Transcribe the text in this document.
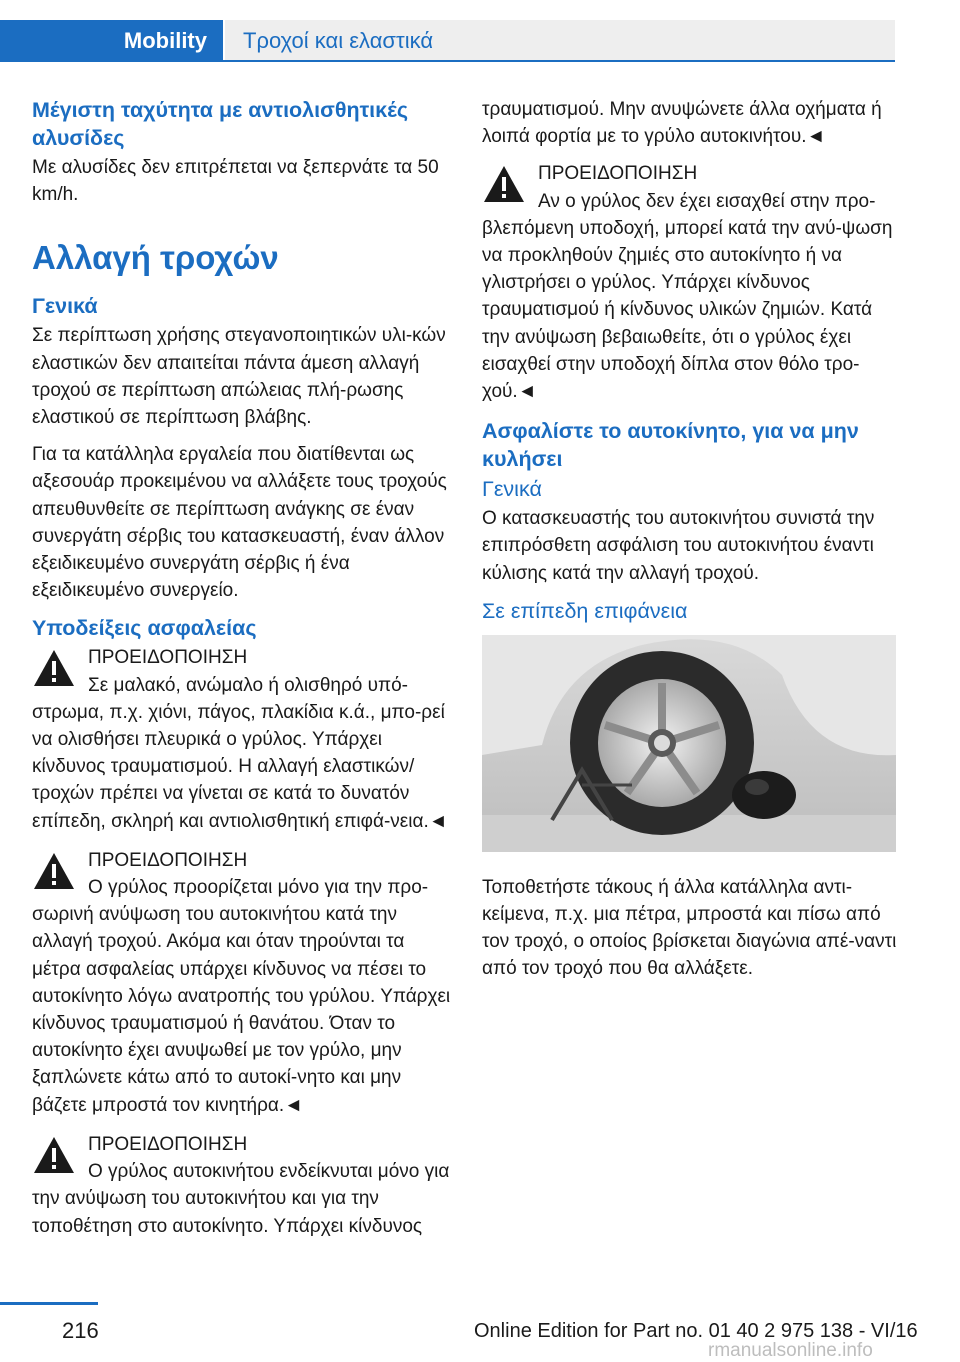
Mobility	Τροχοί και ελαστικά
Μέγιστη ταχύτητα με αντιολισθητικές αλυσίδες

Με αλυσίδες δεν επιτρέπεται να ξεπερνάτε τα 50 km/h.

Αλλαγή τροχών
Γενικά

Σε περίπτωση χρήσης στεγανοποιητικών υλι-κών ελαστικών δεν απαιτείται πάντα άμεση αλλαγή τροχού σε περίπτωση απώλειας πλή-ρωσης ελαστικού σε περίπτωση βλάβης.

Για τα κατάλληλα εργαλεία που διατίθενται ως αξεσουάρ προκειμένου να αλλάξετε τους τροχούς απευθυνθείτε σε περίπτωση ανάγκης σε έναν συνεργάτη σέρβις του κατασκευαστή, έναν άλλον εξειδικευμένο συνεργάτη σέρβις ή ένα εξειδικευμένο συνεργείο.

Υποδείξεις ασφαλείας
ΠΡΟΕΙΔΟΠΟΙΗΣΗ

Σε μαλακό, ανώμαλο ή ολισθηρό υπό-στρωμα, π.χ. χιόνι, πάγος, πλακίδια κ.ά., μπο-ρεί να ολισθήσει πλευρικά ο γρύλος. Υπάρχει κίνδυνος τραυματισμού. Η αλλαγή ελαστικών/ τροχών πρέπει να γίνεται σε κατά το δυνατόν επίπεδη, σκληρή και αντιολισθητική επιφά-νεια.◄

ΠΡΟΕΙΔΟΠΟΙΗΣΗ

Ο γρύλος προορίζεται μόνο για την προ-σωρινή ανύψωση του αυτοκινήτου κατά την αλλαγή τροχού. Ακόμα και όταν τηρούνται τα μέτρα ασφαλείας υπάρχει κίνδυνος να πέσει το αυτοκίνητο λόγω ανατροπής του γρύλου. Υπάρχει κίνδυνος τραυματισμού ή θανάτου. Όταν το αυτοκίνητο έχει ανυψωθεί με τον γρύλο, μην ξαπλώνετε κάτω από το αυτοκί-νητο και μην βάζετε μπροστά τον κινητήρα.◄

ΠΡΟΕΙΔΟΠΟΙΗΣΗ

Ο γρύλος αυτοκινήτου ενδείκνυται μόνο για την ανύψωση του αυτοκινήτου και για την τοποθέτηση στο αυτοκίνητο. Υπάρχει κίνδυνος

τραυματισμού. Μην ανυψώνετε άλλα οχήματα ή λοιπά φορτία με το γρύλο αυτοκινήτου.◄

ΠΡΟΕΙΔΟΠΟΙΗΣΗ

Αν ο γρύλος δεν έχει εισαχθεί στην προ-βλεπόμενη υποδοχή, μπορεί κατά την ανύ-ψωση να προκληθούν ζημιές στο αυτοκίνητο ή να γλιστρήσει ο γρύλος. Υπάρχει κίνδυνος τραυματισμού ή κίνδυνος υλικών ζημιών. Κατά την ανύψωση βεβαιωθείτε, ότι ο γρύλος έχει εισαχθεί στην υποδοχή δίπλα στον θόλο τρο-χού.◄

Ασφαλίστε το αυτοκίνητο, για να μην κυλήσει
Γενικά

Ο κατασκευαστής του αυτοκινήτου συνιστά την επιπρόσθετη ασφάλιση του αυτοκινήτου έναντι κύλισης κατά την αλλαγή τροχού.

Σε επίπεδη επιφάνεια

Τοποθετήστε τάκους ή άλλα κατάλληλα αντι-κείμενα, π.χ. μια πέτρα, μπροστά και πίσω από τον τροχό, ο οποίος βρίσκεται διαγώνια απέ-ναντι από τον τροχό που θα αλλάξετε.

216	Online Edition for Part no. 01 40 2 975 138 - VI/16
rmanualsonline.info
